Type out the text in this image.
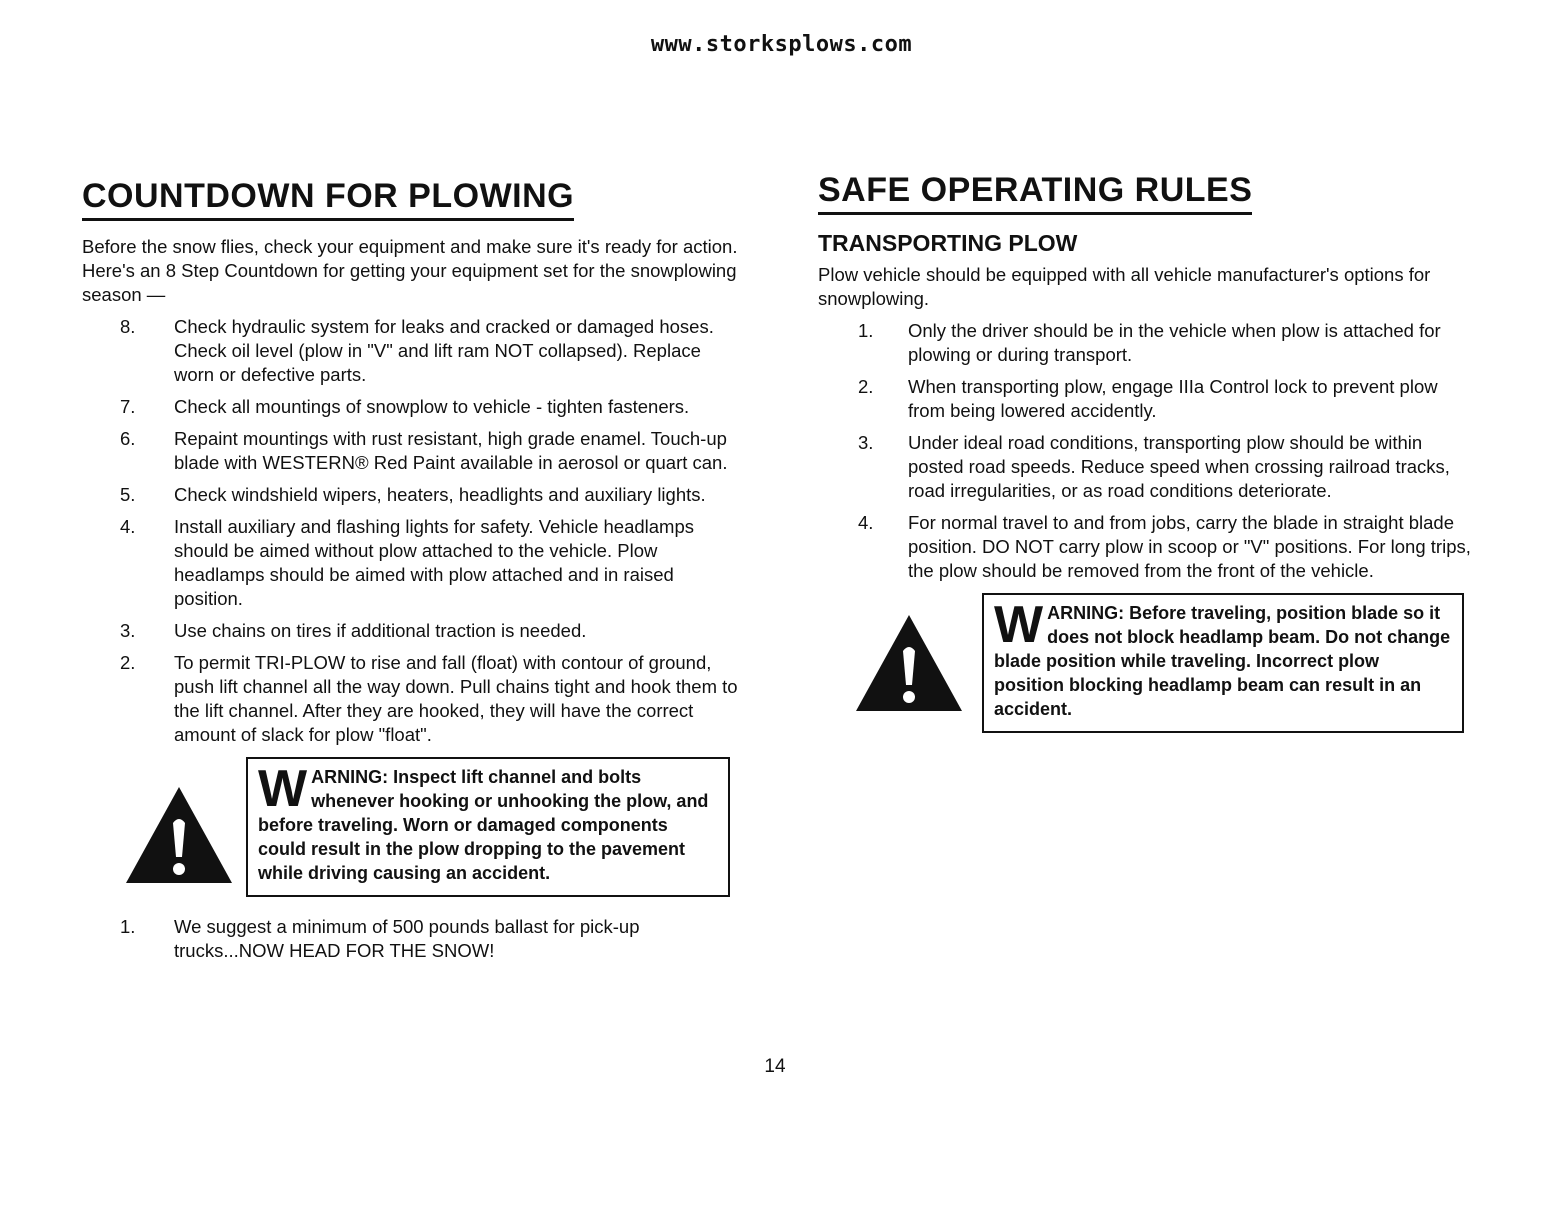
www.storksplows.com
COUNTDOWN FOR PLOWING

Before the snow flies, check your equipment and make sure it's ready for action. Here's an 8 Step Countdown for getting your equipment set for the snowplowing season —

8. Check hydraulic system for leaks and cracked or damaged hoses. Check oil level (plow in "V" and lift ram NOT collapsed). Replace worn or defective parts.
7. Check all mountings of snowplow to vehicle - tighten fasteners.
6. Repaint mountings with rust resistant, high grade enamel. Touch-up blade with WESTERN® Red Paint available in aerosol or quart can.
5. Check windshield wipers, heaters, headlights and auxiliary lights.
4. Install auxiliary and flashing lights for safety. Vehicle headlamps should be aimed without plow attached to the vehicle. Plow headlamps should be aimed with plow attached and in raised position.
3. Use chains on tires if additional traction is needed.
2. To permit TRI-PLOW to rise and fall (float) with contour of ground, push lift channel all the way down. Pull chains tight and hook them to the lift channel. After they are hooked, they will have the correct amount of slack for plow "float".
WARNING: Inspect lift channel and bolts whenever hooking or unhooking the plow, and before traveling. Worn or damaged components could result in the plow dropping to the pavement while driving causing an accident.
1. We suggest a minimum of 500 pounds ballast for pick-up trucks...NOW HEAD FOR THE SNOW!
SAFE OPERATING RULES
TRANSPORTING PLOW

Plow vehicle should be equipped with all vehicle manufacturer's options for snowplowing.

1. Only the driver should be in the vehicle when plow is attached for plowing or during transport.
2. When transporting plow, engage IIIa Control lock to prevent plow from being lowered accidently.
3. Under ideal road conditions, transporting plow should be within posted road speeds. Reduce speed when crossing railroad tracks, road irregularities, or as road conditions deteriorate.
4. For normal travel to and from jobs, carry the blade in straight blade position. DO NOT carry plow in scoop or "V" positions. For long trips, the plow should be removed from the front of the vehicle.
WARNING: Before traveling, position blade so it does not block headlamp beam. Do not change blade position while traveling. Incorrect plow position blocking headlamp beam can result in an accident.
14
